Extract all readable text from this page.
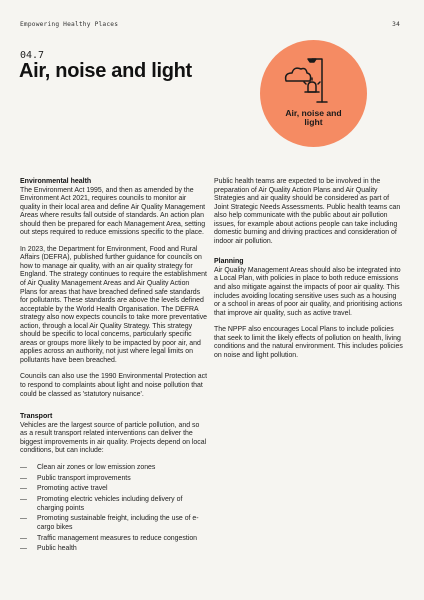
Empowering Healthy Places	34
04.7
Air, noise and light
Air, noise and
light
Environmental health

The Environment Act 1995, and then as amended by the Environment Act 2021, requires councils to monitor air quality in their local area and define Air Quality Management Areas where results fall outside of standards. An action plan should then be prepared for each Management Area, setting out steps required to reduce emissions specific to the place.

In 2023, the Department for Environment, Food and Rural Affairs (DEFRA), published further guidance for councils on how to manage air quality, with an air quality strategy for England. The strategy continues to require the establishment of Air Quality Management Areas and Air Quality Action Plans for areas that have breached defined safe standards for pollutants. These standards are above the levels defined acceptable by the World Health Organisation. The DEFRA strategy also now expects councils to take more preventative action, through a local Air Quality Strategy. This strategy should be specific to local concerns, particularly specific areas or groups more likely to be impacted by poor air, and applies across an authority, not just where legal limits on pollutants have been breached.

Councils can also use the 1990 Environmental Protection act to respond to complaints about light and noise pollution that could be classed as 'statutory nuisance'.

Transport

Vehicles are the largest source of particle pollution, and so as a result transport related interventions can deliver the biggest improvements in air quality. Projects depend on local conditions, but can include:

— Clean air zones or low emission zones
— Public transport improvements
— Promoting active travel
— Promoting electric vehicles including delivery of charging points
— Promoting sustainable freight, including the use of e-cargo bikes
— Traffic management measures to reduce congestion
— Public health

Public health teams are expected to be involved in the preparation of Air Quality Action Plans and Air Quality Strategies and air quality should be considered as part of Joint Strategic Needs Assessments. Public health teams can also help communicate with the public about air pollution issues, for example about actions people can take including domestic burning and driving practices and consideration of indoor air pollution.

Planning

Air Quality Management Areas should also be integrated into a Local Plan, with policies in place to both reduce emissions and also mitigate against the impacts of poor air quality. This includes avoiding locating sensitive uses such as a housing or a school in areas of poor air quality, and prioritising actions that improve air quality, such as active travel.

The NPPF also encourages Local Plans to include policies that seek to limit the likely effects of pollution on health, living conditions and the natural environment. This includes policies on noise and light pollution.
